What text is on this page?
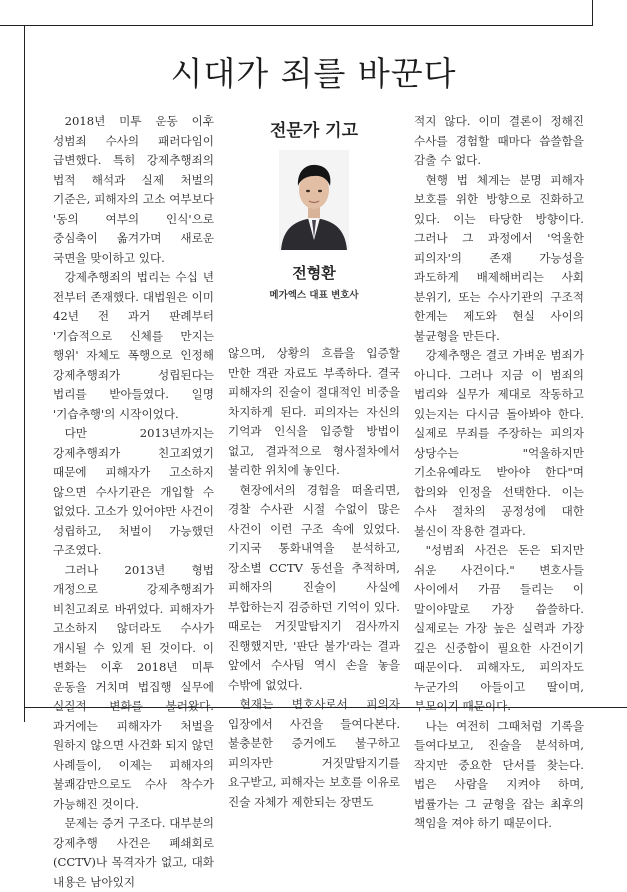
시대가 죄를 바꾼다

2018년 미투 운동 이후 성범죄 수사의 패러다임이 급변했다. 특히 강제추행죄의 법적 해석과 실제 처벌의 기준은, 피해자의 고소 여부보다 '동의 여부의 인식'으로 중심축이 옮겨가며 새로운 국면을 맞이하고 있다.

강제추행죄의 법리는 수십 년 전부터 존재했다. 대법원은 이미 42년 전 과거 판례부터 '기습적으로 신체를 만지는 행위' 자체도 폭행으로 인정해 강제추행죄가 성립된다는 법리를 받아들였다. 일명 '기습추행'의 시작이었다.

다만 2013년까지는 강제추행죄가 친고죄였기 때문에 피해자가 고소하지 않으면 수사기관은 개입할 수 없었다. 고소가 있어야만 사건이 성립하고, 처벌이 가능했던 구조였다.

그러나 2013년 형법 개정으로 강제추행죄가 비친고죄로 바뀌었다. 피해자가 고소하지 않더라도 수사가 개시될 수 있게 된 것이다. 이 변화는 이후 2018년 미투 운동을 거치며 법집행 실무에 실질적 변화를 불러왔다. 과거에는 피해자가 처벌을 원하지 않으면 사건화 되지 않던 사례들이, 이제는 피해자의 불쾌감만으로도 수사 착수가 가능해진 것이다.

문제는 증거 구조다. 대부분의 강제추행 사건은 폐쇄회로(CCTV)나 목격자가 없고, 대화 내용은 남아있지

전문가 기고
전형환
메가엑스 대표 변호사

않으며, 상황의 흐름을 입증할 만한 객관 자료도 부족하다. 결국 피해자의 진술이 절대적인 비중을 차지하게 된다. 피의자는 자신의 기억과 인식을 입증할 방법이 없고, 결과적으로 형사절차에서 불리한 위치에 놓인다.

현장에서의 경험을 떠올리면, 경찰 수사관 시절 수없이 많은 사건이 이런 구조 속에 있었다. 기지국 통화내역을 분석하고, 장소별 CCTV 동선을 추적하며, 피해자의 진술이 사실에 부합하는지 검증하던 기억이 있다. 때로는 거짓말탐지기 검사까지 진행했지만, '판단 불가'라는 결과 앞에서 수사팀 역시 손을 놓을 수밖에 없었다.

현재는 변호사로서 피의자 입장에서 사건을 들여다본다. 불충분한 증거에도 불구하고 피의자만 거짓말탐지기를 요구받고, 피해자는 보호를 이유로 진술 자체가 제한되는 장면도

적지 않다. 이미 결론이 정해진 수사를 경험할 때마다 씁쓸함을 감출 수 없다.

현행 법 체계는 분명 피해자 보호를 위한 방향으로 진화하고 있다. 이는 타당한 방향이다. 그러나 그 과정에서 '억울한 피의자'의 존재 가능성을 과도하게 배제해버리는 사회 분위기, 또는 수사기관의 구조적 한계는 제도와 현실 사이의 불균형을 만든다.

강제추행은 결코 가벼운 범죄가 아니다. 그러나 지금 이 범죄의 법리와 실무가 제대로 작동하고 있는지는 다시금 돌아봐야 한다. 실제로 무죄를 주장하는 피의자 상당수는 "억울하지만 기소유예라도 받아야 한다"며 합의와 인정을 선택한다. 이는 수사 절차의 공정성에 대한 불신이 작용한 결과다.

"성범죄 사건은 돈은 되지만 쉬운 사건이다." 변호사들 사이에서 가끔 들리는 이 말이야말로 가장 씁쓸하다. 실제로는 가장 높은 실력과 가장 깊은 신중함이 필요한 사건이기 때문이다. 피해자도, 피의자도 누군가의 아들이고 딸이며, 부모이기 때문이다.

나는 여전히 그때처럼 기록을 들여다보고, 진술을 분석하며, 작지만 중요한 단서를 찾는다. 법은 사람을 지켜야 하며, 법률가는 그 균형을 잡는 최후의 책임을 져야 하기 때문이다.
